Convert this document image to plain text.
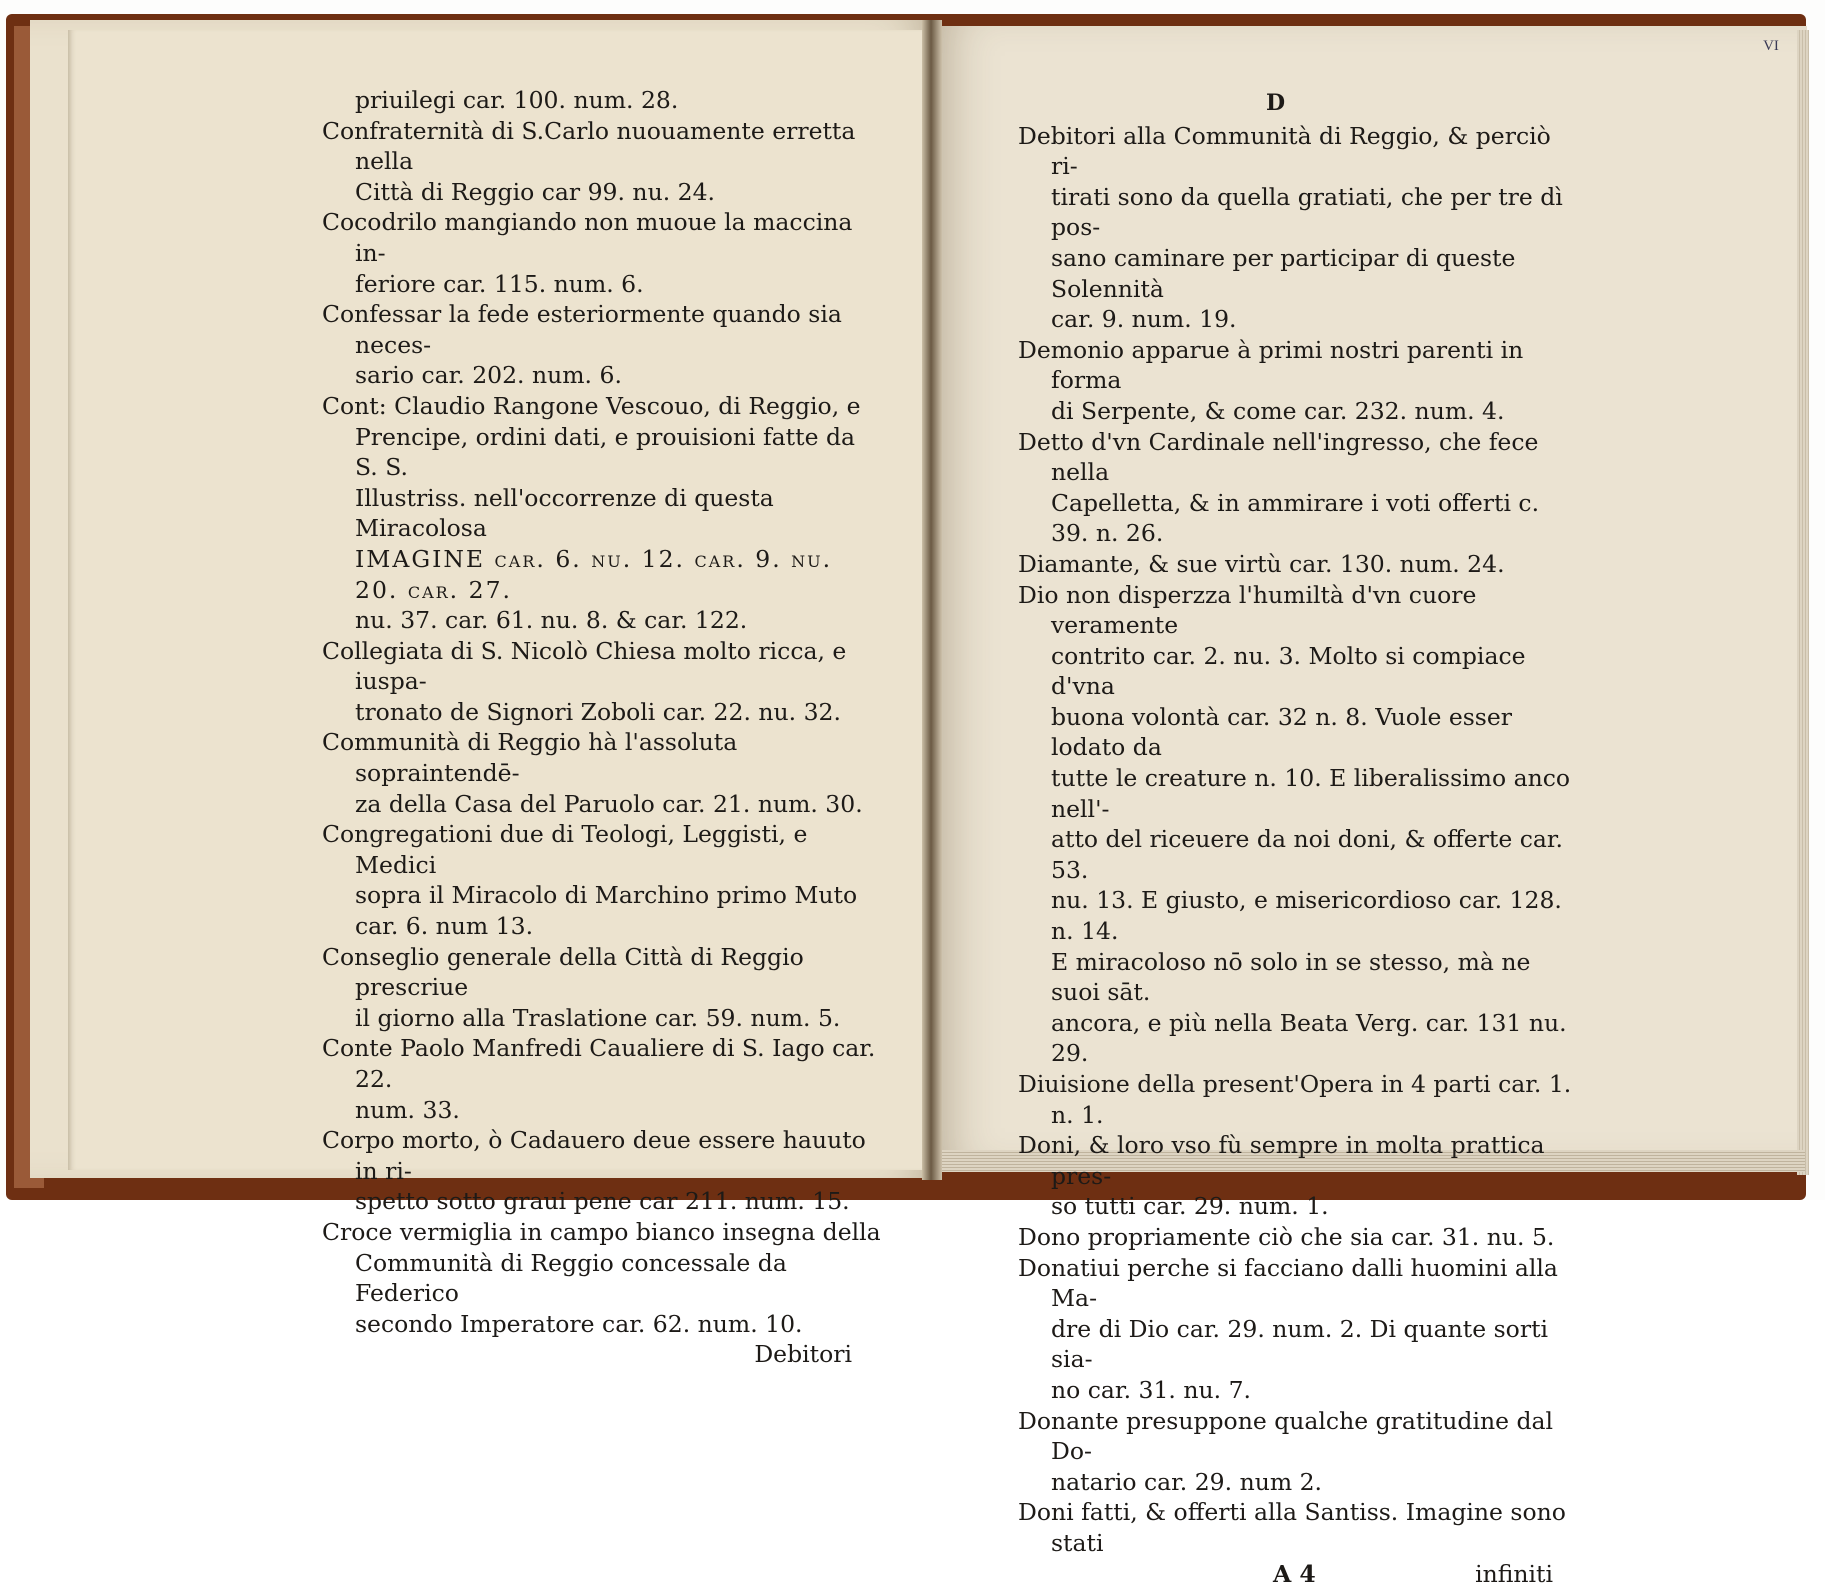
VI

priuilegi car. 100. num. 28.

Confraternità di S.Carlo nuouamente erretta nella
Città di Reggio car 99. nu. 24.

Cocodrilo mangiando non muoue la maccina in-
feriore car. 115. num. 6.

Confessar la fede esteriormente quando sia neces-
sario car. 202. num. 6.

Cont: Claudio Rangone Vescouo, di Reggio, e
Prencipe, ordini dati, e prouisioni fatte da S. S.
Illustriss. nell'occorrenze di questa Miracolosa
IMAGINE car. 6. nu. 12. car. 9. nu. 20. car. 27.
nu. 37. car. 61. nu. 8. & car. 122.

Collegiata di S. Nicolò Chiesa molto ricca, e iuspa-
tronato de Signori Zoboli car. 22. nu. 32.

Communità di Reggio hà l'assoluta sopraintendē-
za della Casa del Paruolo car. 21. num. 30.

Congregationi due di Teologi, Leggisti, e Medici
sopra il Miracolo di Marchino primo Muto
car. 6. num 13.

Conseglio generale della Città di Reggio prescriue
il giorno alla Traslatione car. 59. num. 5.

Conte Paolo Manfredi Caualiere di S. Iago car. 22.
num. 33.

Corpo morto, ò Cadauero deue essere hauuto in ri-
spetto sotto graui pene car 211. num. 15.

Croce vermiglia in campo bianco insegna della
Communità di Reggio concessale da Federico
secondo Imperatore car. 62. num. 10.

Debitori

D

Debitori alla Communità di Reggio, & perciò ri-
tirati sono da quella gratiati, che per tre dì pos-
sano caminare per participar di queste Solennità
car. 9. num. 19.

Demonio apparue à primi nostri parenti in forma
di Serpente, & come car. 232. num. 4.

Detto d'vn Cardinale nell'ingresso, che fece nella
Capelletta, & in ammirare i voti offerti c. 39. n. 26.

Diamante, & sue virtù car. 130. num. 24.

Dio non disperzza l'humiltà d'vn cuore veramente
contrito car. 2. nu. 3. Molto si compiace d'vna
buona volontà car. 32 n. 8. Vuole esser lodato da
tutte le creature n. 10. E liberalissimo anco nell'-
atto del riceuere da noi doni, & offerte car. 53.
nu. 13. E giusto, e misericordioso car. 128. n. 14.
E miracoloso nō solo in se stesso, mà ne suoi sāt.
ancora, e più nella Beata Verg. car. 131 nu. 29.

Diuisione della present'Opera in 4 parti car. 1. n. 1.

Doni, & loro vso fù sempre in molta prattica pres-
so tutti car. 29. num. 1.

Dono propriamente ciò che sia car. 31. nu. 5.

Donatiui perche si facciano dalli huomini alla Ma-
dre di Dio car. 29. num. 2. Di quante sorti sia-
no car. 31. nu. 7.

Donante presuppone qualche gratitudine dal Do-
natario car. 29. num 2.

Doni fatti, & offerti alla Santiss. Imagine sono stati

A 4	infiniti
